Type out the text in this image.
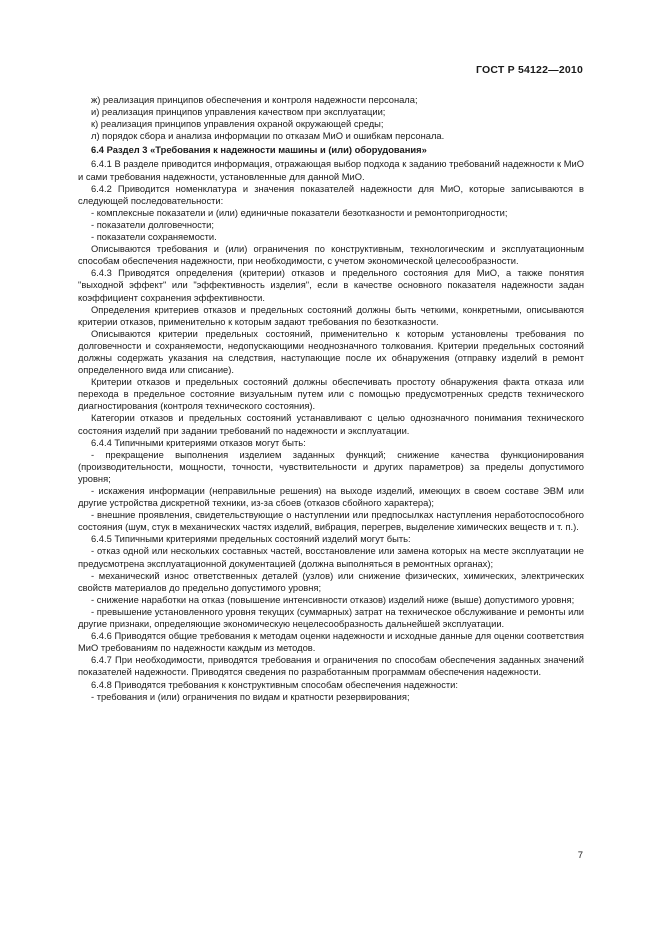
ГОСТ Р 54122—2010

ж) реализация принципов обеспечения и контроля надежности персонала;

и) реализация принципов управления качеством при эксплуатации;

к) реализация принципов управления охраной окружающей среды;

л) порядок сбора и анализа информации по отказам МиО и ошибкам персонала.

6.4 Раздел 3 «Требования к надежности машины и (или) оборудования»

6.4.1 В разделе приводится информация, отражающая выбор подхода к заданию требований надежности к МиО и сами требования надежности, установленные для данной МиО.

6.4.2 Приводится номенклатура и значения показателей надежности для МиО, которые записываются в следующей последовательности:

- комплексные показатели и (или) единичные показатели безотказности и ремонтопригодности;

- показатели долговечности;

- показатели сохраняемости.

Описываются требования и (или) ограничения по конструктивным, технологическим и эксплуатационным способам обеспечения надежности, при необходимости, с учетом экономической целесообразности.

6.4.3 Приводятся определения (критерии) отказов и предельного состояния для МиО, а также понятия "выходной эффект" или "эффективность изделия", если в качестве основного показателя надежности задан коэффициент сохранения эффективности.

Определения критериев отказов и предельных состояний должны быть четкими, конкретными, описываются критерии отказов, применительно к которым задают требования по безотказности.

Описываются критерии предельных состояний, применительно к которым установлены требования по долговечности и сохраняемости, недопускающими неоднозначного толкования. Критерии предельных состояний должны содержать указания на следствия, наступающие после их обнаружения (отправку изделий в ремонт определенного вида или списание).

Критерии отказов и предельных состояний должны обеспечивать простоту обнаружения факта отказа или перехода в предельное состояние визуальным путем или с помощью предусмотренных средств технического диагностирования (контроля технического состояния).

Категории отказов и предельных состояний устанавливают с целью однозначного понимания технического состояния изделий при задании требований по надежности и эксплуатации.

6.4.4 Типичными критериями отказов могут быть:

- прекращение выполнения изделием заданных функций; снижение качества функционирования (производительности, мощности, точности, чувствительности и других параметров) за пределы допустимого уровня;

- искажения информации (неправильные решения) на выходе изделий, имеющих в своем составе ЭВМ или другие устройства дискретной техники, из-за сбоев (отказов сбойного характера);

- внешние проявления, свидетельствующие о наступлении или предпосылках наступления неработоспособного состояния (шум, стук в механических частях изделий, вибрация, перегрев, выделение химических веществ и т. п.).

6.4.5 Типичными критериями предельных состояний изделий могут быть:

- отказ одной или нескольких составных частей, восстановление или замена которых на месте эксплуатации не предусмотрена эксплуатационной документацией (должна выполняться в ремонтных органах);

- механический износ ответственных деталей (узлов) или снижение физических, химических, электрических свойств материалов до предельно допустимого уровня;

- снижение наработки на отказ (повышение интенсивности отказов) изделий ниже (выше) допустимого уровня;

- превышение установленного уровня текущих (суммарных) затрат на техническое обслуживание и ремонты или другие признаки, определяющие экономическую нецелесообразность дальнейшей эксплуатации.

6.4.6 Приводятся общие требования к методам оценки надежности и исходные данные для оценки соответствия МиО требованиям по надежности каждым из методов.

6.4.7 При необходимости, приводятся требования и ограничения по способам обеспечения заданных значений показателей надежности. Приводятся сведения по разработанным программам обеспечения надежности.

6.4.8 Приводятся требования к конструктивным способам обеспечения надежности:

- требования и (или) ограничения по видам и кратности резервирования;

7
